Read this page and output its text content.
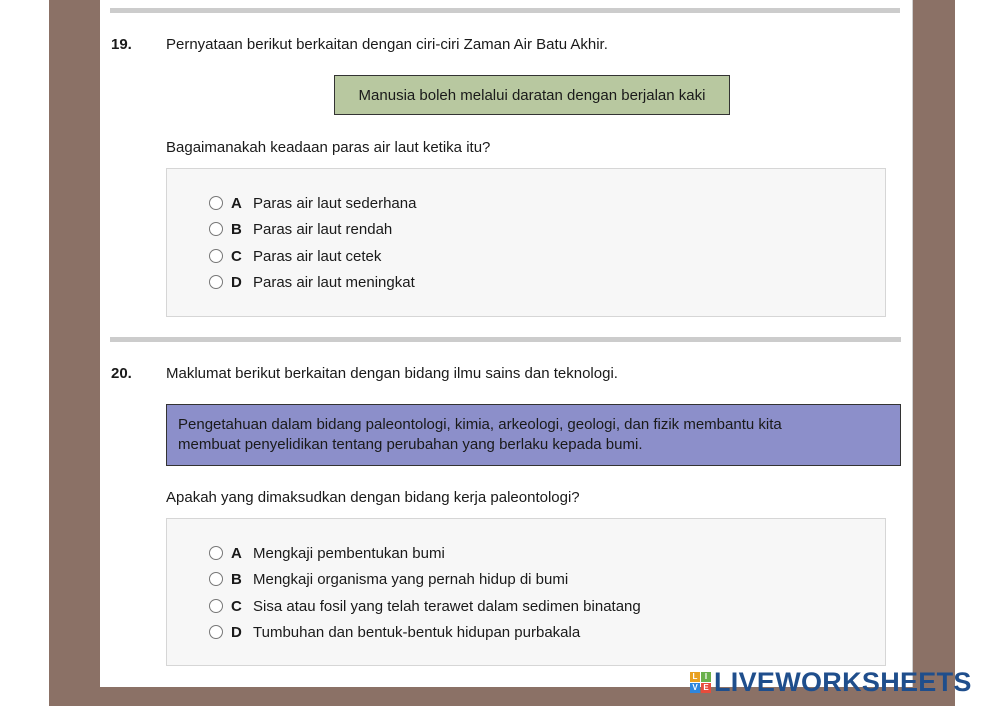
19. Pernyataan berikut berkaitan dengan ciri-ciri Zaman Air Batu Akhir.
Manusia boleh melalui daratan dengan berjalan kaki
Bagaimanakah keadaan paras air laut ketika itu?
A Paras air laut sederhana
B Paras air laut rendah
C Paras air laut cetek
D Paras air laut meningkat
20. Maklumat berikut berkaitan dengan bidang ilmu sains dan teknologi.
Pengetahuan dalam bidang paleontologi, kimia, arkeologi, geologi, dan fizik membantu kita
membuat penyelidikan tentang perubahan yang berlaku kepada bumi.
Apakah yang dimaksudkan dengan bidang kerja paleontologi?
A Mengkaji pembentukan bumi
B Mengkaji organisma yang pernah hidup di bumi
C Sisa atau fosil yang telah terawet dalam sedimen binatang
D Tumbuhan dan bentuk-bentuk hidupan purbakala
L I
V E LIVEWORKSHEETS
